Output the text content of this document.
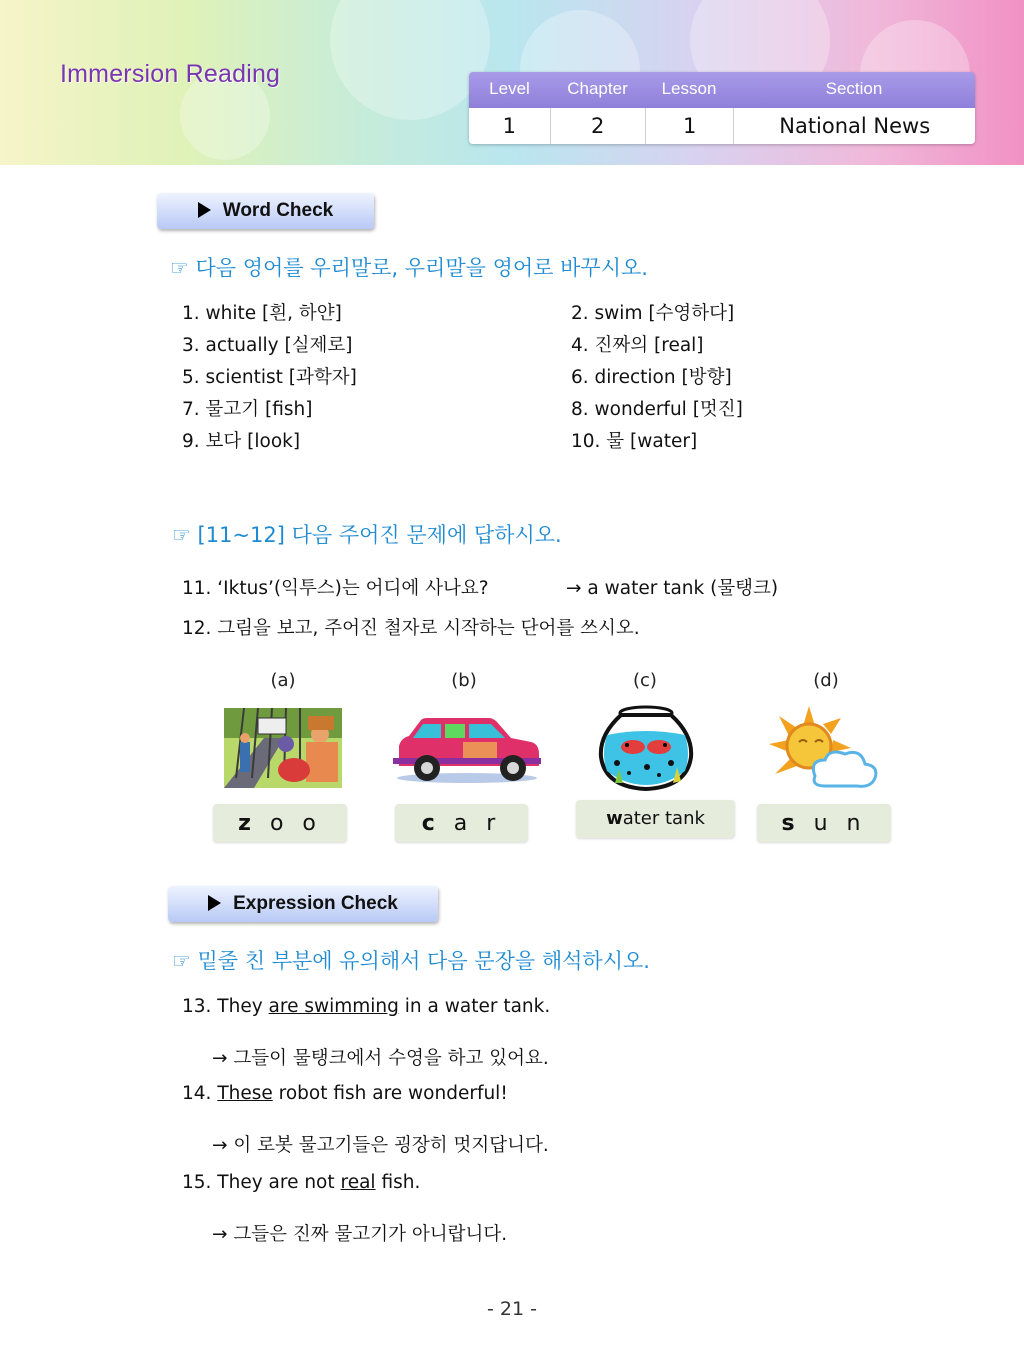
Immersion Reading
Level	Chapter	Lesson	Section
1	2	1	National News
Word Check
☞ 다음 영어를 우리말로, 우리말을 영어로 바꾸시오.
1. white [흰, 하얀]	2. swim [수영하다]
3. actually [실제로]	4. 진짜의 [real]
5. scientist [과학자]	6. direction [방향]
7. 물고기 [fish]	8. wonderful [멋진]
9. 보다 [look]	10. 물 [water]
☞ [11~12] 다음 주어진 문제에 답하시오.
11. ‘Iktus’(익투스)는 어디에 사나요?	→ a water tank (물탱크)
12. 그림을 보고, 주어진 철자로 시작하는 단어를 쓰시오.
(a)	(b)	(c)	(d)
z o o	c a r	water tank	s u n
Expression Check
☞ 밑줄 친 부분에 유의해서 다음 문장을 해석하시오.
13. They are swimming in a water tank.
→ 그들이 물탱크에서 수영을 하고 있어요.
14. These robot fish are wonderful!
→ 이 로봇 물고기들은 굉장히 멋지답니다.
15. They are not real fish.
→ 그들은 진짜 물고기가 아니랍니다.
- 21 -
